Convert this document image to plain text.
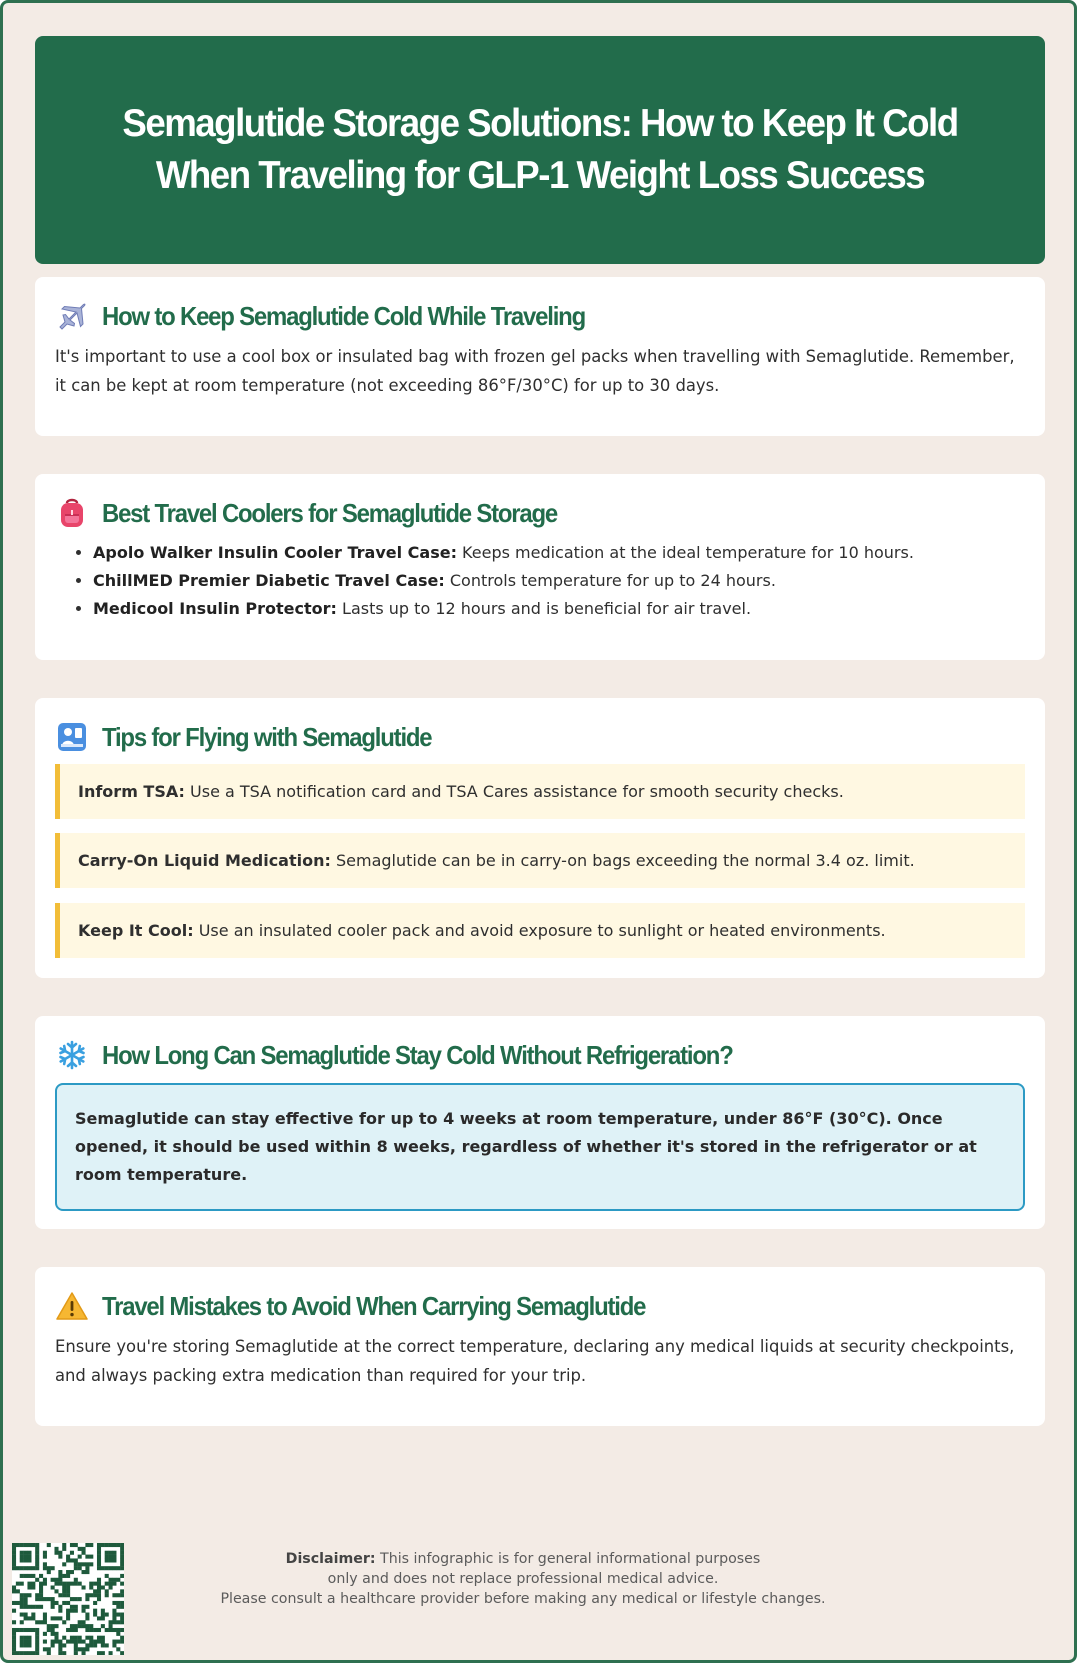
Semaglutide Storage Solutions: How to Keep It Cold When Traveling for GLP-1 Weight Loss Success
How to Keep Semaglutide Cold While Traveling

It's important to use a cool box or insulated bag with frozen gel packs when travelling with Semaglutide. Remember, it can be kept at room temperature (not exceeding 86°F/30°C) for up to 30 days.

Best Travel Coolers for Semaglutide Storage
• Apolo Walker Insulin Cooler Travel Case: Keeps medication at the ideal temperature for 10 hours.
• ChillMED Premier Diabetic Travel Case: Controls temperature for up to 24 hours.
• Medicool Insulin Protector: Lasts up to 12 hours and is beneficial for air travel.
Tips for Flying with Semaglutide
Inform TSA: Use a TSA notification card and TSA Cares assistance for smooth security checks.
Carry-On Liquid Medication: Semaglutide can be in carry-on bags exceeding the normal 3.4 oz. limit.
Keep It Cool: Use an insulated cooler pack and avoid exposure to sunlight or heated environments.
How Long Can Semaglutide Stay Cold Without Refrigeration?
Semaglutide can stay effective for up to 4 weeks at room temperature, under 86°F (30°C). Once opened, it should be used within 8 weeks, regardless of whether it's stored in the refrigerator or at room temperature.
Travel Mistakes to Avoid When Carrying Semaglutide

Ensure you're storing Semaglutide at the correct temperature, declaring any medical liquids at security checkpoints, and always packing extra medication than required for your trip.

Disclaimer: This infographic is for general informational purposes
only and does not replace professional medical advice.
Please consult a healthcare provider before making any medical or lifestyle changes.
